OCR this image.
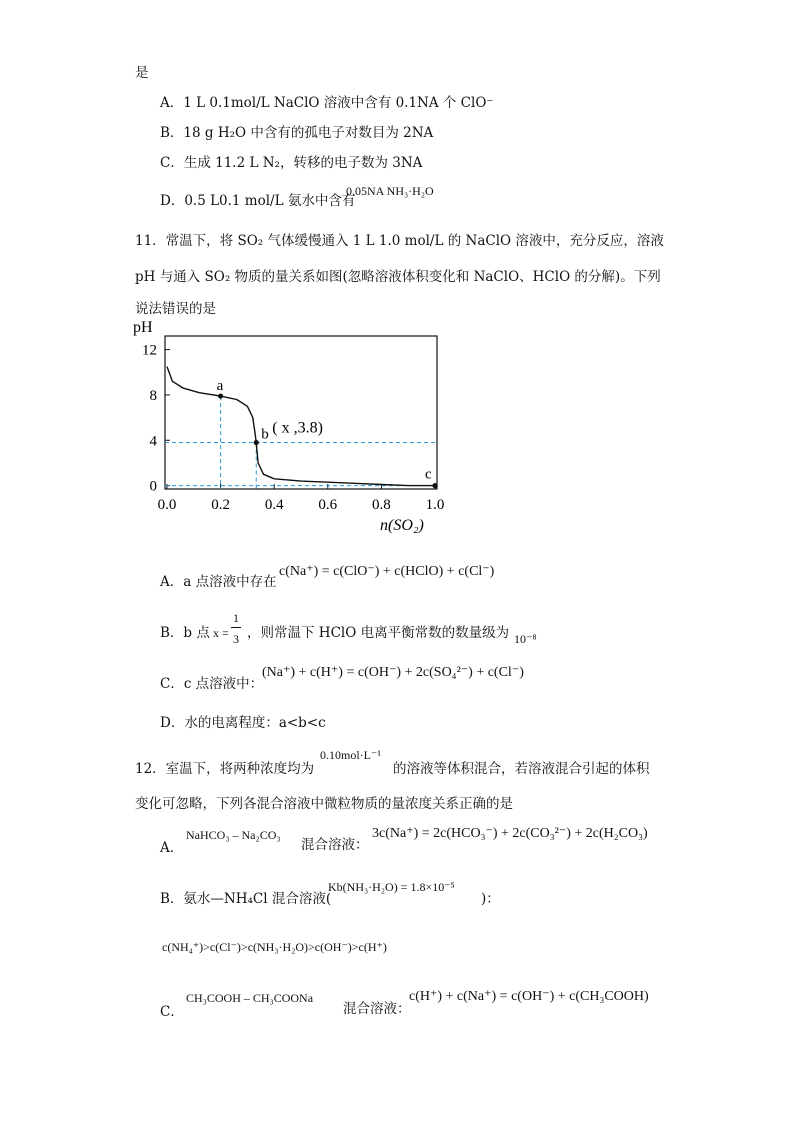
是
A．1 L 0.1mol/L NaClO 溶液中含有 0.1NA 个 ClO⁻
B．18 g H₂O 中含有的孤电子对数目为 2NA
C．生成 11.2 L N₂，转移的电子数为 3NA
D．0.5 L0.1 mol/L 氨水中含有
0.05NA NH₃·H₂O
11．常温下，将 SO₂ 气体缓慢通入 1 L 1.0 mol/L 的 NaClO 溶液中，充分反应，溶液
pH 与通入 SO₂ 物质的量关系如图(忽略溶液体积变化和 NaClO、HClO 的分解)。下列
说法错误的是
0
4
8
12
0.0 0.2 0.4 0.6 0.8 1.0
pH
n(SO₂)
a
b ( x ,3.8)
c
A．a 点溶液中存在
c(Na⁺) = c(ClO⁻) + c(HClO) + c(Cl⁻)
B．b 点 x =
1
3 ，则常温下 HClO 电离平衡常数的数量级为 10⁻⁸
C．c 点溶液中：
(Na⁺) + c(H⁺) = c(OH⁻) + 2c(SO₄²⁻) + c(Cl⁻)
D．水的电离程度：a<b<c
12．室温下，将两种浓度均为
0.10mol·L⁻¹
的溶液等体积混合，若溶液混合引起的体积
变化可忽略，下列各混合溶液中微粒物质的量浓度关系正确的是
A．
NaHCO₃ – Na₂CO₃
混合溶液：
3c(Na⁺) = 2c(HCO₃⁻) + 2c(CO₃²⁻) + 2c(H₂CO₃)
B．氨水—NH₄Cl 混合溶液(
Kb(NH₃·H₂O) = 1.8×10⁻⁵
)：
c(NH₄⁺)>c(Cl⁻)>c(NH₃·H₂O)>c(OH⁻)>c(H⁺)
C．
CH₃COOH – CH₃COONa
混合溶液：
c(H⁺) + c(Na⁺) = c(OH⁻) + c(CH₃COOH)
